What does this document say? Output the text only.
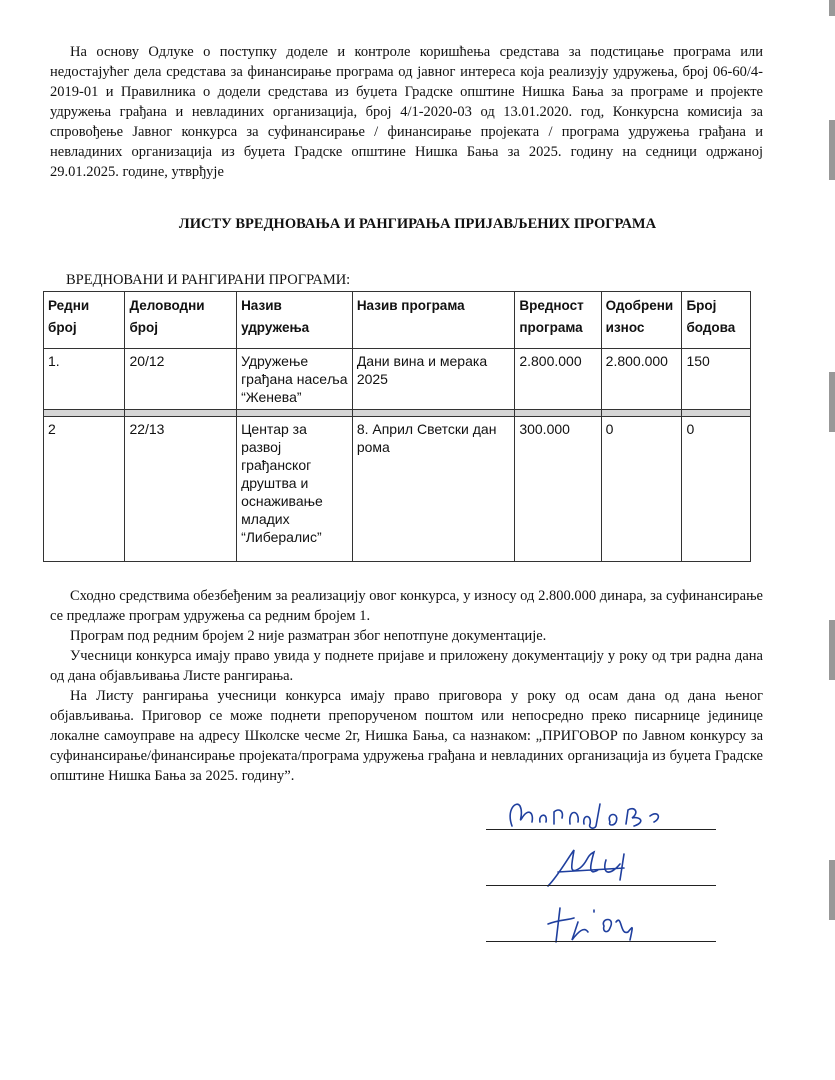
На основу Одлуке о поступку доделе и контроле коришћења средстава за подстицање програма или недостајућег дела средстава за финансирање програма од јавног интереса која реализују удружења, број 06-60/4-2019-01 и Правилника о додели средстава из буџета Градске општине Нишка Бања за програме и пројекте удружења грађана и невладиних организација, број 4/1-2020-03 од 13.01.2020. год, Конкурсна комисија за спровођење Јавног конкурса за суфинансирање / финансирање пројеката / програма удружења грађана и невладиних организација из буџета Градске општине Нишка Бања за 2025. годину на седници одржаној 29.01.2025. године, утврђује

ЛИСТУ ВРЕДНОВАЊА И РАНГИРАЊА ПРИЈАВЉЕНИХ ПРОГРАМА

ВРЕДНОВАНИ И РАНГИРАНИ ПРОГРАМИ:

Редни број	Деловодни број	Назив удружења	Назив програма	Вредност програма	Одобрени износ	Број бодова
1.	20/12	Удружење грађана насеља “Женева”	Дани вина и мерака 2025	2.800.000	2.800.000	150

2	22/13	Центар за развој грађанског друштва и оснаживање младих “Либералис”	8. Април Светски дан рома	300.000	0	0

Сходно средствима обезбеђеним за реализацију овог конкурса, у износу од 2.800.000 динара, за суфинансирање се предлаже програм удружења са редним бројем 1.

Програм под редним бројем 2 није разматран због непотпуне документације.

Учесници конкурса имају право увида у поднете пријаве и приложену документацију у року од три радна дана од дана објављивања Листе рангирања.

На Листу рангирања учесници конкурса имају право приговора у року од осам дана од дана њеног објављивања. Приговор се може поднети препорученом поштом или непосредно преко писарнице јединице локалне самоуправе на адресу Школске чесме 2г, Нишка Бања, са назнаком: „ПРИГОВОР по Јавном конкурсу за суфинансирање/финансирање пројеката/програма удружења грађана и невладиних организација из буџета Градске општине Нишка Бања за 2025. годину”.
